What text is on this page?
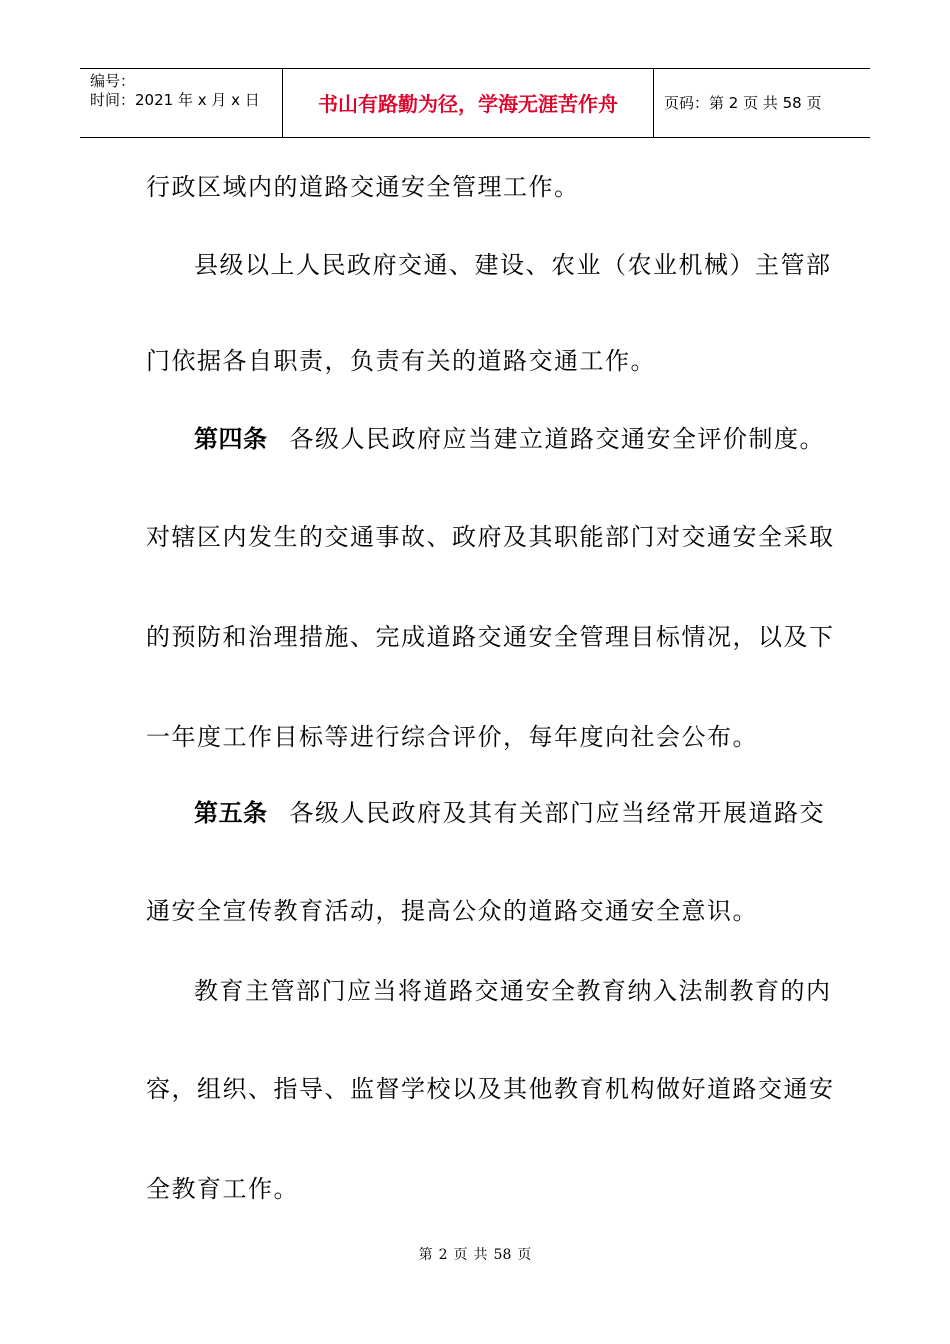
编号：
时间：2021 年 x 月 x 日	书山有路勤为径，学海无涯苦作舟	页码：第 2 页 共 58 页
行政区域内的道路交通安全管理工作。
县级以上人民政府交通、建设、农业（农业机械）主管部
门依据各自职责，负责有关的道路交通工作。
第四条 各级人民政府应当建立道路交通安全评价制度。
对辖区内发生的交通事故、政府及其职能部门对交通安全采取
的预防和治理措施、完成道路交通安全管理目标情况，以及下
一年度工作目标等进行综合评价，每年度向社会公布。
第五条 各级人民政府及其有关部门应当经常开展道路交
通安全宣传教育活动，提高公众的道路交通安全意识。
教育主管部门应当将道路交通安全教育纳入法制教育的内
容，组织、指导、监督学校以及其他教育机构做好道路交通安
全教育工作。
第 2 页 共 58 页
